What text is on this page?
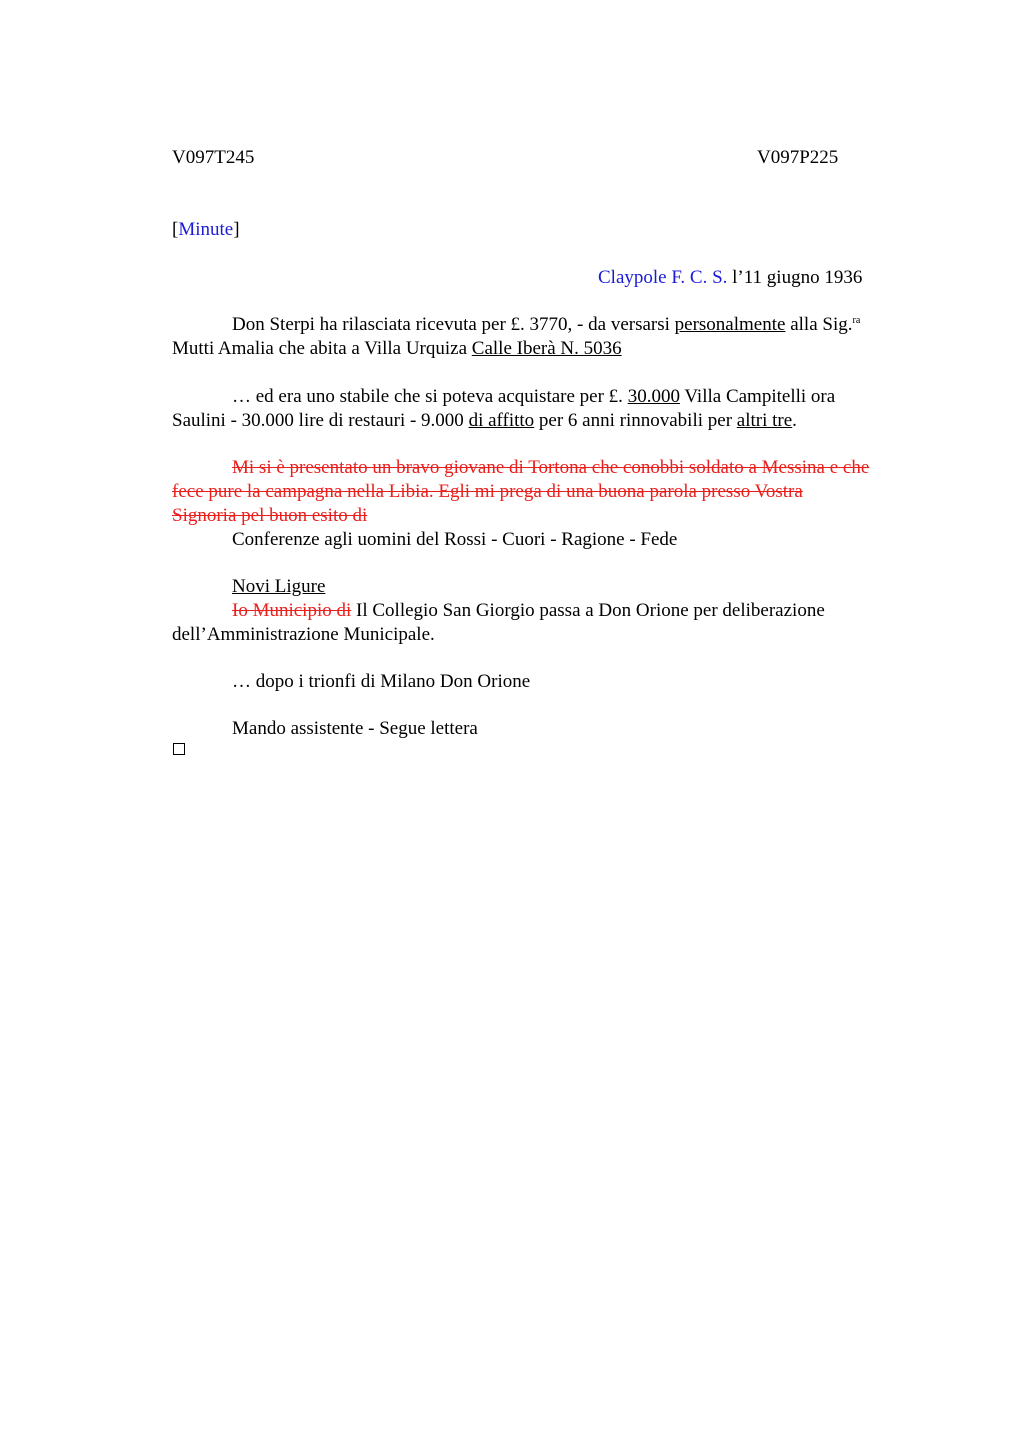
V097T245	V097P225
[Minute]
Claypole F. C. S. l’11 giugno 1936
Don Sterpi ha rilasciata ricevuta per £. 3770, - da versarsi personalmente alla Sig.$^{ra}$
Mutti Amalia che abita a Villa Urquiza Calle Iberà N. 5036
… ed era uno stabile che si poteva acquistare per £. 30.000 Villa Campitelli ora
Saulini - 30.000 lire di restauri - 9.000 di affitto per 6 anni rinnovabili per altri tre.
Mi si è presentato un bravo giovane di Tortona che conobbi soldato a Messina e che
fece pure la campagna nella Libia. Egli mi prega di una buona parola presso Vostra
Signoria pel buon esito di
Conferenze agli uomini del Rossi - Cuori - Ragione - Fede
Novi Ligure
Io Municipio di Il Collegio San Giorgio passa a Don Orione per deliberazione
dell’Amministrazione Municipale.
… dopo i trionfi di Milano Don Orione
Mando assistente - Segue lettera
